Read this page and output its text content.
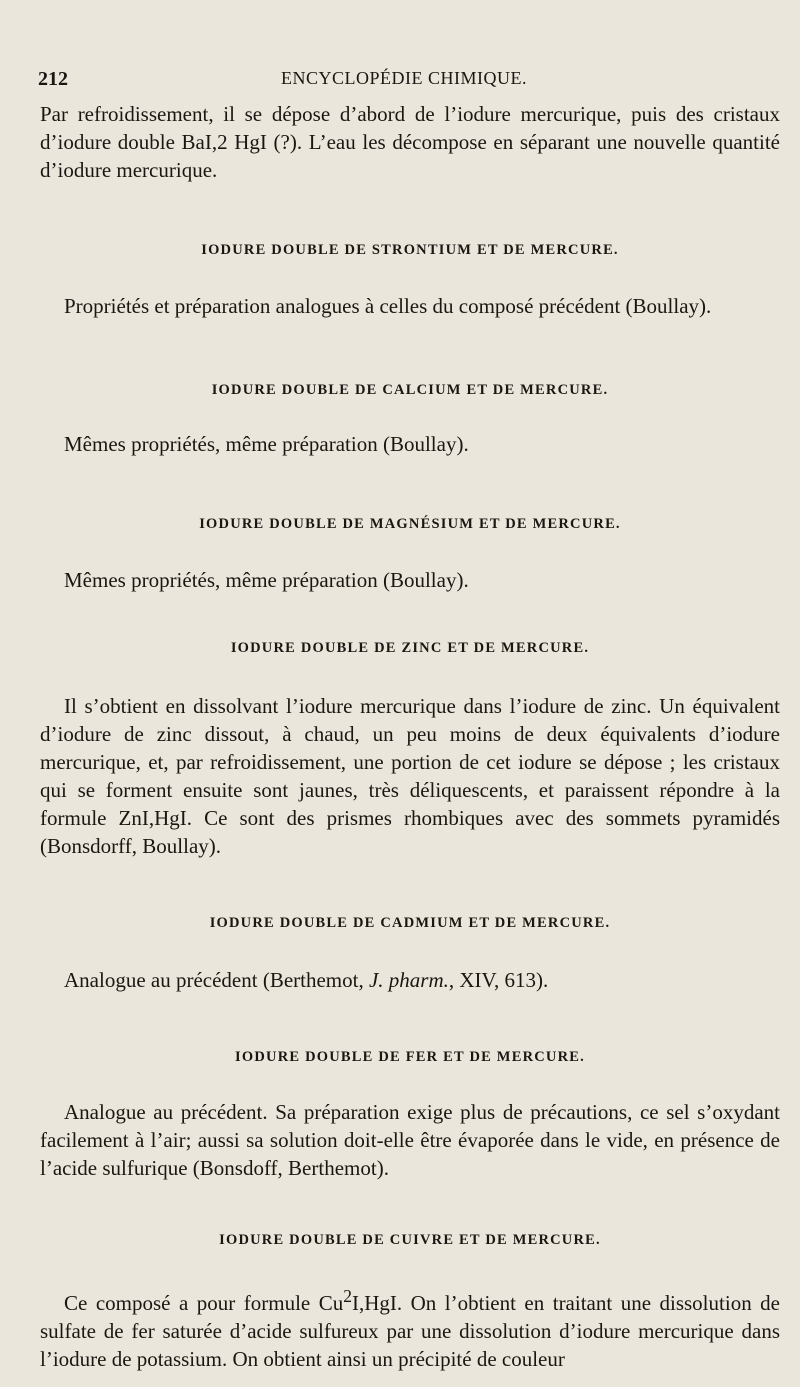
212	ENCYCLOPÉDIE CHIMIQUE.

Par refroidissement, il se dépose d’abord de l’iodure mercurique, puis des cristaux d’iodure double BaI,2 HgI (?). L’eau les décompose en séparant une nouvelle quantité d’iodure mercurique.

IODURE DOUBLE DE STRONTIUM ET DE MERCURE.

Propriétés et préparation analogues à celles du composé précédent (Boullay).

IODURE DOUBLE DE CALCIUM ET DE MERCURE.

Mêmes propriétés, même préparation (Boullay).

IODURE DOUBLE DE MAGNÉSIUM ET DE MERCURE.

Mêmes propriétés, même préparation (Boullay).

IODURE DOUBLE DE ZINC ET DE MERCURE.

Il s’obtient en dissolvant l’iodure mercurique dans l’iodure de zinc. Un équivalent d’iodure de zinc dissout, à chaud, un peu moins de deux équivalents d’iodure mercurique, et, par refroidissement, une portion de cet iodure se dépose ; les cristaux qui se forment ensuite sont jaunes, très déliquescents, et paraissent répondre à la formule ZnI,HgI. Ce sont des prismes rhombiques avec des sommets pyramidés (Bonsdorff, Boullay).

IODURE DOUBLE DE CADMIUM ET DE MERCURE.

Analogue au précédent (Berthemot, J. pharm., XIV, 613).

IODURE DOUBLE DE FER ET DE MERCURE.

Analogue au précédent. Sa préparation exige plus de précautions, ce sel s’oxydant facilement à l’air; aussi sa solution doit-elle être évaporée dans le vide, en présence de l’acide sulfurique (Bonsdoff, Berthemot).

IODURE DOUBLE DE CUIVRE ET DE MERCURE.

Ce composé a pour formule Cu$^2$I,HgI. On l’obtient en traitant une dissolution de sulfate de fer saturée d’acide sulfureux par une dissolution d’iodure mercurique dans l’iodure de potassium. On obtient ainsi un précipité de couleur
